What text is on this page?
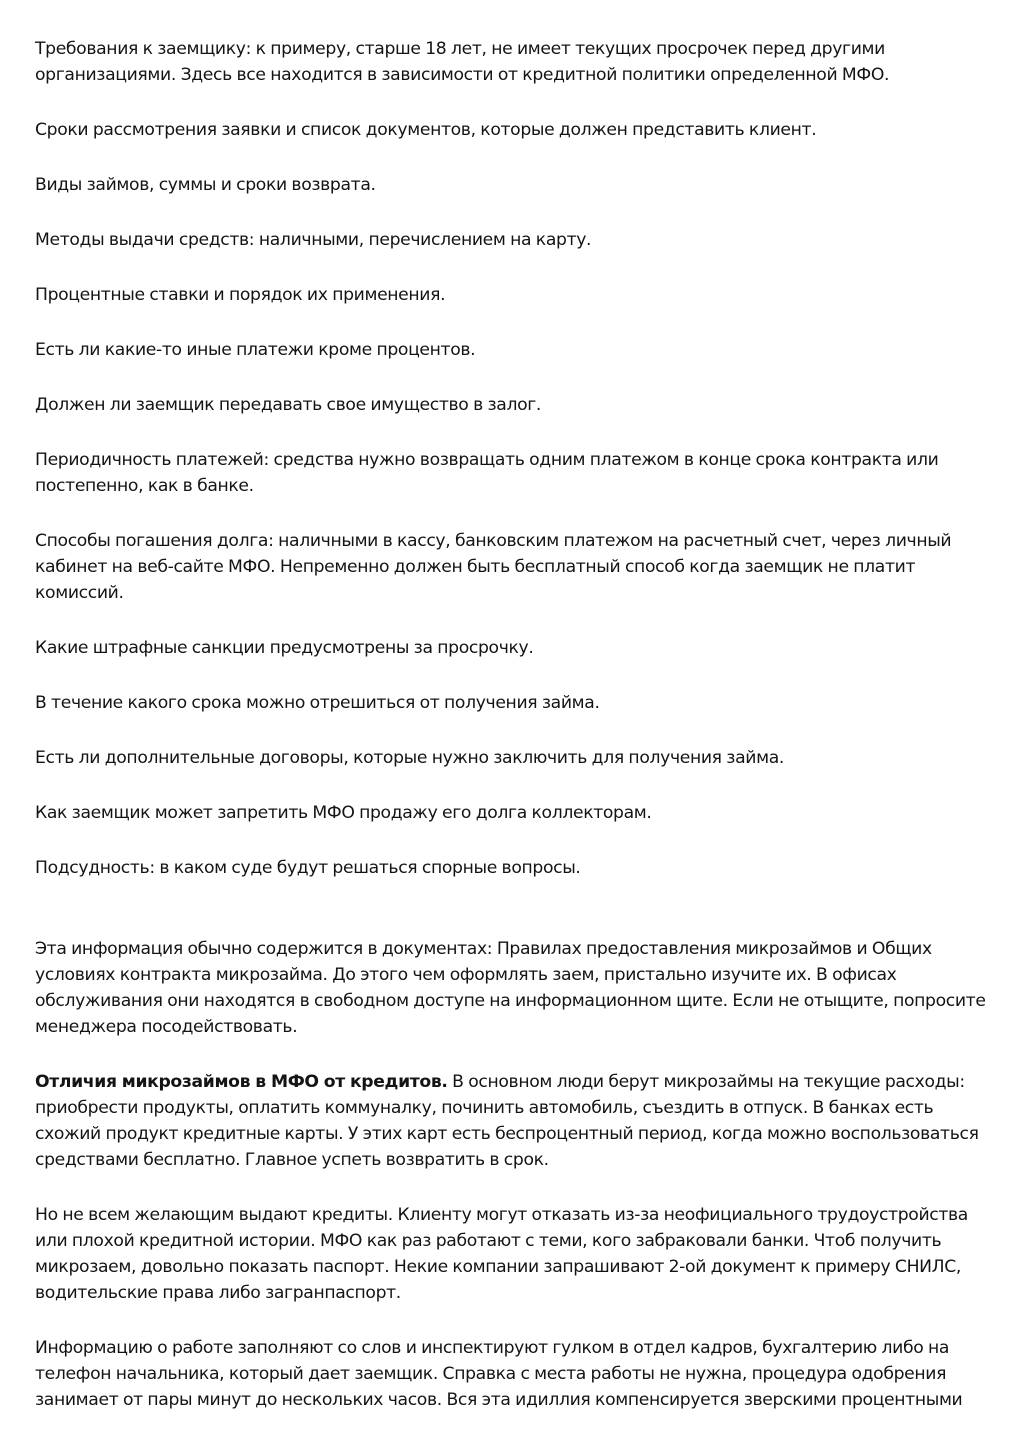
Требования к заемщику: к примеру, старше 18 лет, не имеет текущих просрочек перед другими организациями. Здесь все находится в зависимости от кредитной политики определенной МФО.

Сроки рассмотрения заявки и список документов, которые должен представить клиент.

Виды займов, суммы и сроки возврата.

Методы выдачи средств: наличными, перечислением на карту.

Процентные ставки и порядок их применения.

Есть ли какие-то иные платежи кроме процентов.

Должен ли заемщик передавать свое имущество в залог.

Периодичность платежей: средства нужно возвращать одним платежом в конце срока контракта или постепенно, как в банке.

Способы погашения долга: наличными в кассу, банковским платежом на расчетный счет, через личный кабинет на веб-сайте МФО. Непременно должен быть бесплатный способ когда заемщик не платит комиссий.

Какие штрафные санкции предусмотрены за просрочку.

В течение какого срока можно отрешиться от получения займа.

Есть ли дополнительные договоры, которые нужно заключить для получения займа.

Как заемщик может запретить МФО продажу его долга коллекторам.

Подсудность: в каком суде будут решаться спорные вопросы.

Эта информация обычно содержится в документах: Правилах предоставления микрозаймов и Общих условиях контракта микрозайма. До этого чем оформлять заем, пристально изучите их. В офисах обслуживания они находятся в свободном доступе на информационном щите. Если не отыщите, попросите менеджера посодействовать.

Отличия микрозаймов в МФО от кредитов. В основном люди берут микрозаймы на текущие расходы: приобрести продукты, оплатить коммуналку, починить автомобиль, съездить в отпуск. В банках есть схожий продукт кредитные карты. У этих карт есть беспроцентный период, когда можно воспользоваться средствами бесплатно. Главное успеть возвратить в срок.

Но не всем желающим выдают кредиты. Клиенту могут отказать из-за неофициального трудоустройства или плохой кредитной истории. МФО как раз работают с теми, кого забраковали банки. Чтоб получить микрозаем, довольно показать паспорт. Некие компании запрашивают 2-ой документ к примеру СНИЛС, водительские права либо загранпаспорт.

Информацию о работе заполняют со слов и инспектируют гулком в отдел кадров, бухгалтерию либо на телефон начальника, который дает заемщик. Справка с места работы не нужна, процедура одобрения занимает от пары минут до нескольких часов. Вся эта идиллия компенсируется зверскими процентными
